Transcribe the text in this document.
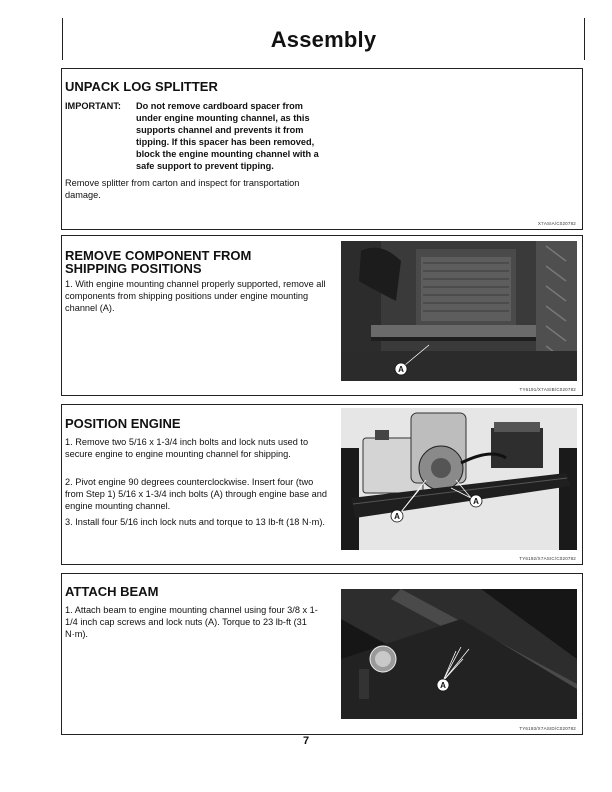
Assembly
UNPACK LOG SPLITTER
IMPORTANT: Do not remove cardboard spacer from under engine mounting channel, as this supports channel and prevents it from tipping. If this spacer has been removed, block the engine mounting channel with a safe support to prevent tipping.

Remove splitter from carton and inspect for transportation damage.

X7ASIA/C020782
REMOVE COMPONENT FROM
SHIPPING POSITIONS

1. With engine mounting channel properly supported, remove all components from shipping positions under engine mounting channel (A).

A
TY6191/X7ASIB/C020782
POSITION ENGINE

1. Remove two 5/16 x 1-3/4 inch bolts and lock nuts used to secure engine to engine mounting channel for shipping.

2. Pivot engine 90 degrees counterclockwise. Insert four (two from Step 1) 5/16 x 1-3/4 inch bolts (A) through engine base and engine mounting channel.

3. Install four 5/16 inch lock nuts and torque to 13 lb-ft (18 N·m).

A
A
TY6192/X7ASIC/C020782
ATTACH BEAM

1. Attach beam to engine mounting channel using four 3/8 x 1-1/4 inch cap screws and lock nuts (A). Torque to 23 lb-ft (31 N·m).

A
TY6193/X7ASID/C020782

7
